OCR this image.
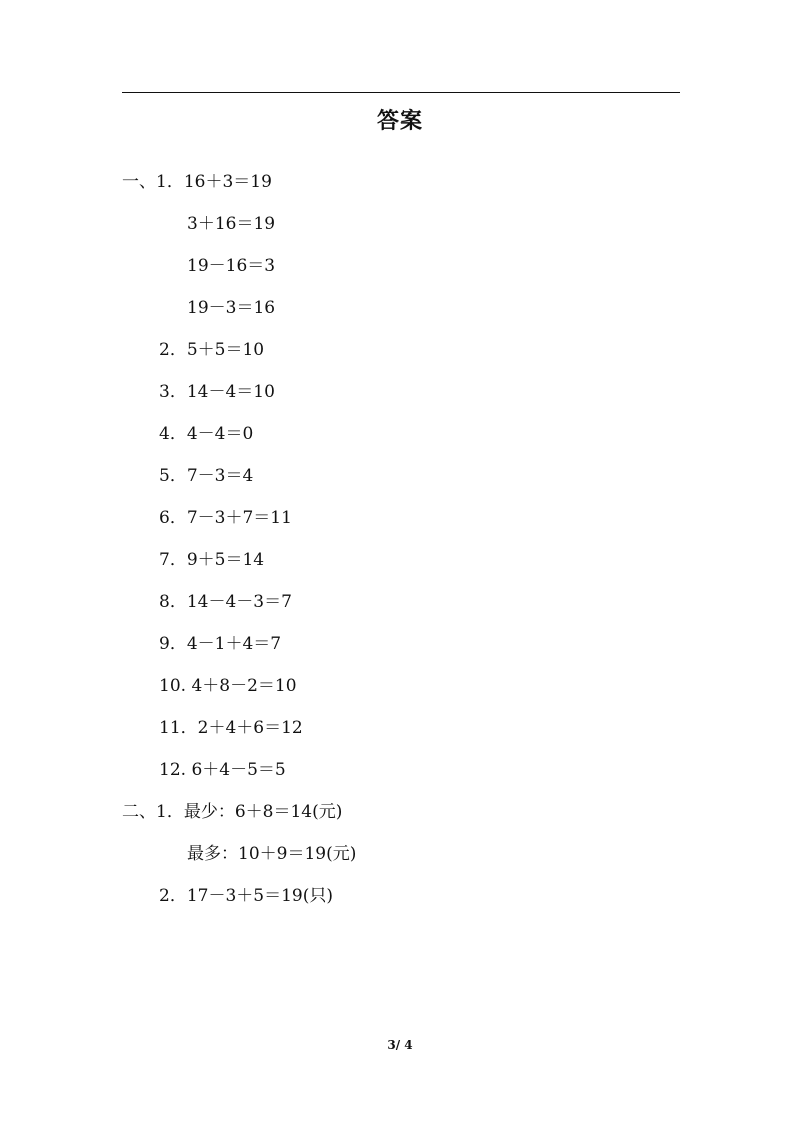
答案
一、1．16＋3＝19
3＋16＝19
19－16＝3
19－3＝16
2．5＋5＝10
3．14－4＝10
4．4－4＝0
5．7－3＝4
6．7－3＋7＝11
7．9＋5＝14
8．14－4－3＝7
9．4－1＋4＝7
10. 4＋8－2＝10
11．2＋4＋6＝12
12. 6＋4－5＝5
二、1．最少：6＋8＝14(元)
最多：10＋9＝19(元)
2．17－3＋5＝19(只)
3/ 4
